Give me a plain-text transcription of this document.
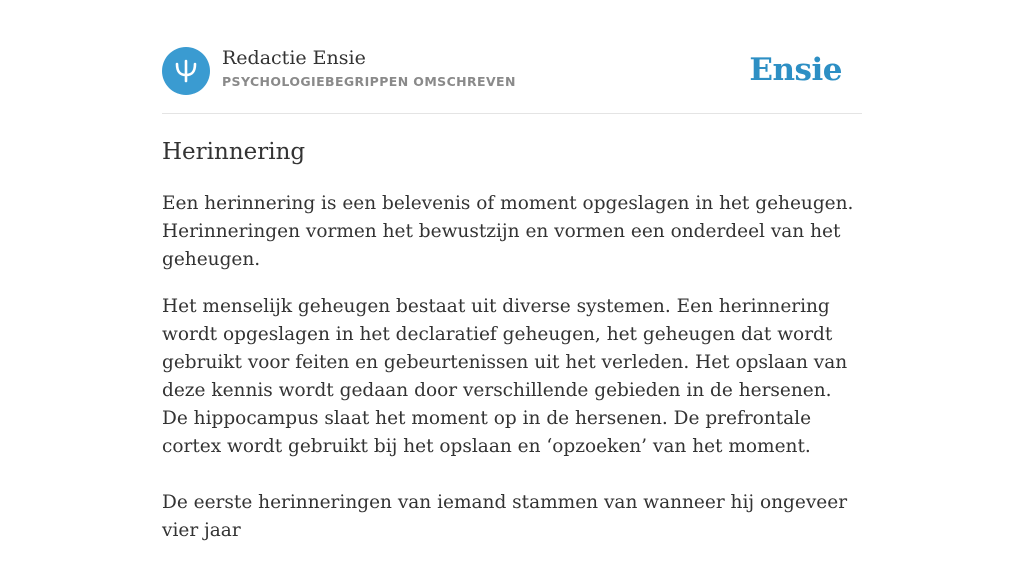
Redactie Ensie
PSYCHOLOGIEBEGRIPPEN OMSCHREVEN	Ensie
Herinnering

Een herinnering is een belevenis of moment opgeslagen in het geheugen. Herinneringen vormen het bewustzijn en vormen een onderdeel van het geheugen.

Het menselijk geheugen bestaat uit diverse systemen. Een herinnering wordt opgeslagen in het declaratief geheugen, het geheugen dat wordt gebruikt voor feiten en gebeurtenissen uit het verleden. Het opslaan van deze kennis wordt gedaan door verschillende gebieden in de hersenen. De hippocampus slaat het moment op in de hersenen. De prefrontale cortex wordt gebruikt bij het opslaan en ‘opzoeken’ van het moment.

De eerste herinneringen van iemand stammen van wanneer hij ongeveer vier jaar
